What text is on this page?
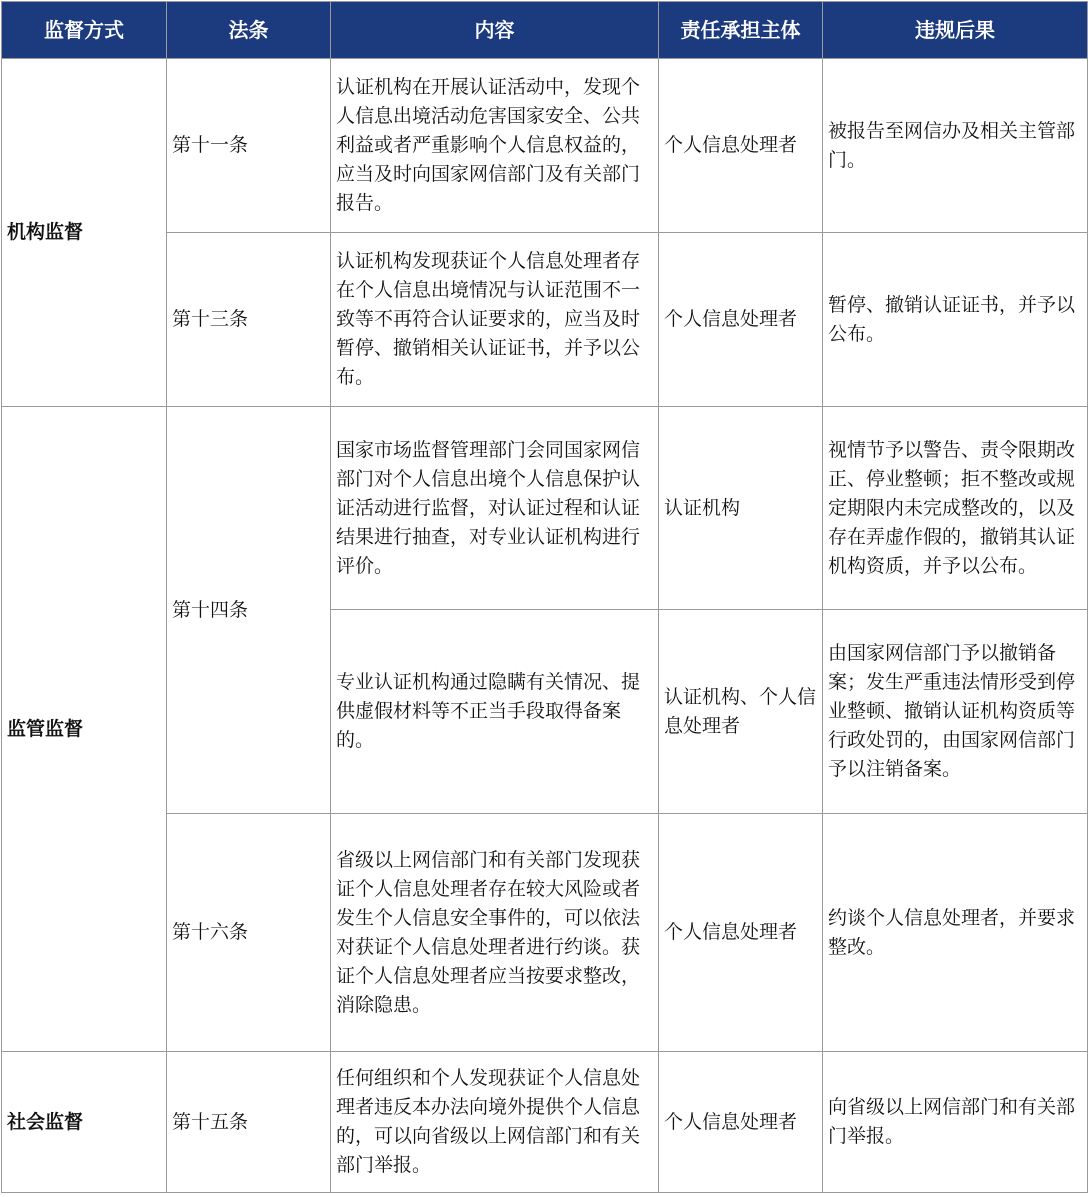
监督方式	法条	内容	责任承担主体	违规后果
机构监督	第十一条	认证机构在开展认证活动中，发现个人信息出境活动危害国家安全、公共利益或者严重影响个人信息权益的，应当及时向国家网信部门及有关部门报告。	个人信息处理者	被报告至网信办及相关主管部门。
	第十三条	认证机构发现获证个人信息处理者存在个人信息出境情况与认证范围不一致等不再符合认证要求的，应当及时暂停、撤销相关认证证书，并予以公布。	个人信息处理者	暂停、撤销认证证书，并予以公布。
监管监督	第十四条	国家市场监督管理部门会同国家网信部门对个人信息出境个人信息保护认证活动进行监督，对认证过程和认证结果进行抽查，对专业认证机构进行评价。	认证机构	视情节予以警告、责令限期改正、停业整顿；拒不整改或规定期限内未完成整改的，以及存在弄虚作假的，撤销其认证机构资质，并予以公布。
		专业认证机构通过隐瞒有关情况、提供虚假材料等不正当手段取得备案的。	认证机构、个人信息处理者	由国家网信部门予以撤销备案；发生严重违法情形受到停业整顿、撤销认证机构资质等行政处罚的，由国家网信部门予以注销备案。
	第十六条	省级以上网信部门和有关部门发现获证个人信息处理者存在较大风险或者发生个人信息安全事件的，可以依法对获证个人信息处理者进行约谈。获证个人信息处理者应当按要求整改，消除隐患。	个人信息处理者	约谈个人信息处理者，并要求整改。
社会监督	第十五条	任何组织和个人发现获证个人信息处理者违反本办法向境外提供个人信息的，可以向省级以上网信部门和有关部门举报。	个人信息处理者	向省级以上网信部门和有关部门举报。
